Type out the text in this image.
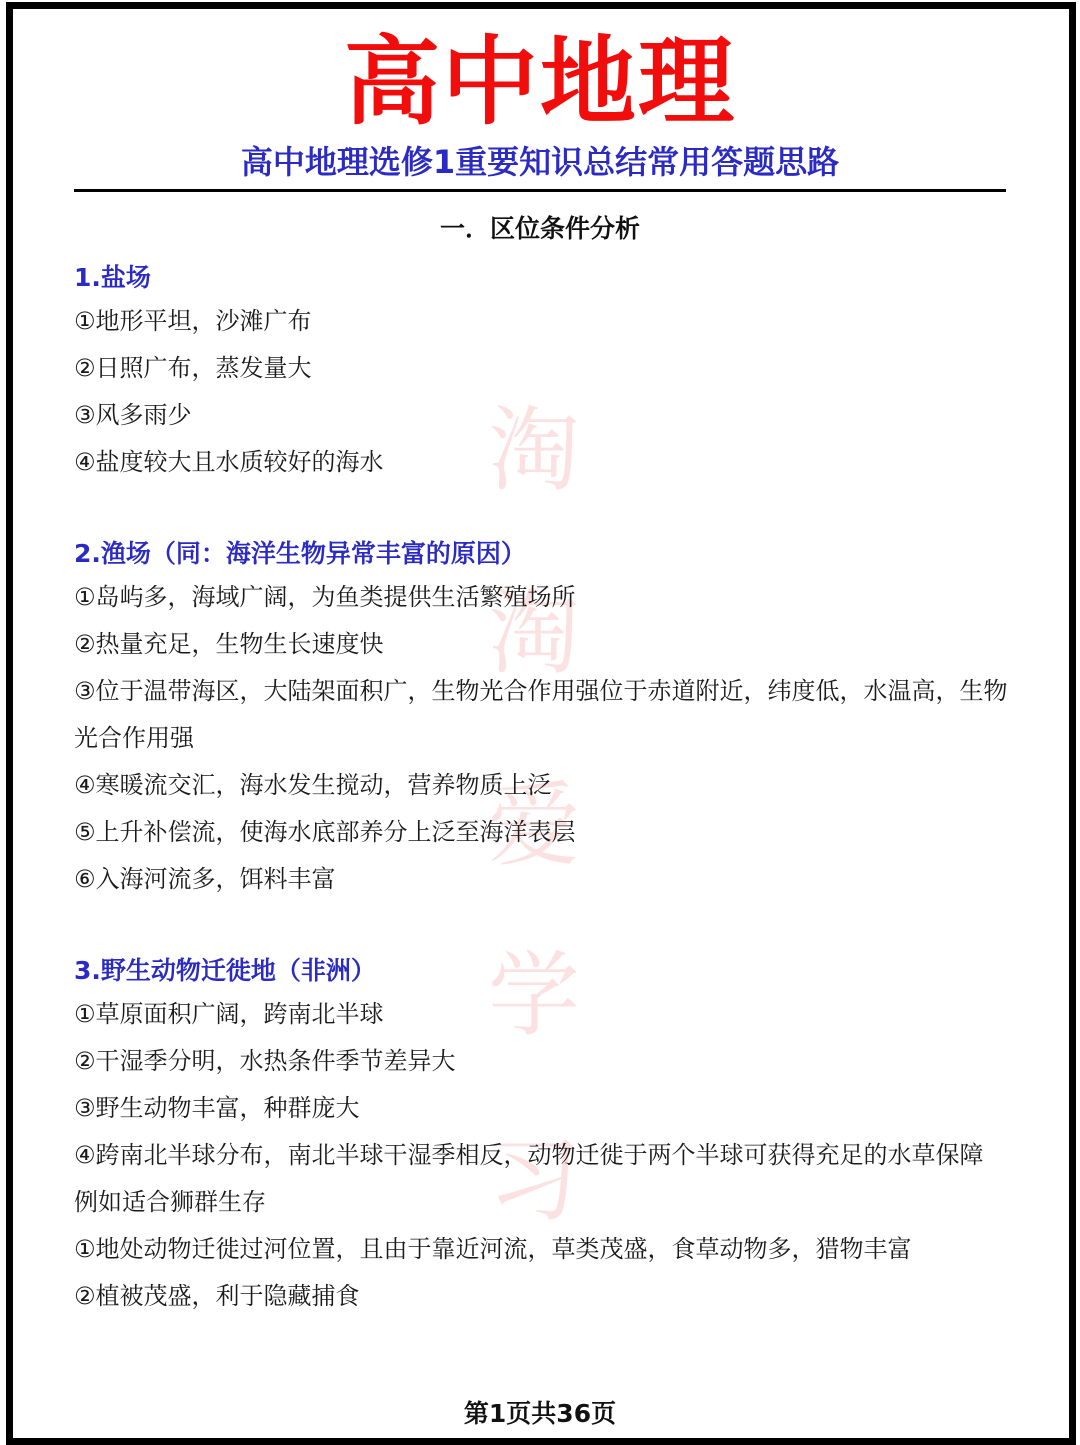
淘
淘
爱
学
习
高中地理
高中地理选修1重要知识总结常用答题思路
一．区位条件分析

1.盐场

①地形平坦，沙滩广布

②日照广布，蒸发量大

③风多雨少

④盐度较大且水质较好的海水

2.渔场（同：海洋生物异常丰富的原因）

①岛屿多，海域广阔，为鱼类提供生活繁殖场所

②热量充足，生物生长速度快

③位于温带海区，大陆架面积广，生物光合作用强位于赤道附近，纬度低，水温高，生物光合作用强

④寒暖流交汇，海水发生搅动，营养物质上泛

⑤上升补偿流，使海水底部养分上泛至海洋表层

⑥入海河流多，饵料丰富

3.野生动物迁徙地（非洲）

①草原面积广阔，跨南北半球

②干湿季分明，水热条件季节差异大

③野生动物丰富，种群庞大

④跨南北半球分布，南北半球干湿季相反，动物迁徙于两个半球可获得充足的水草保障

例如适合狮群生存

①地处动物迁徙过河位置，且由于靠近河流，草类茂盛，食草动物多，猎物丰富

②植被茂盛，利于隐藏捕食

第1页共36页
